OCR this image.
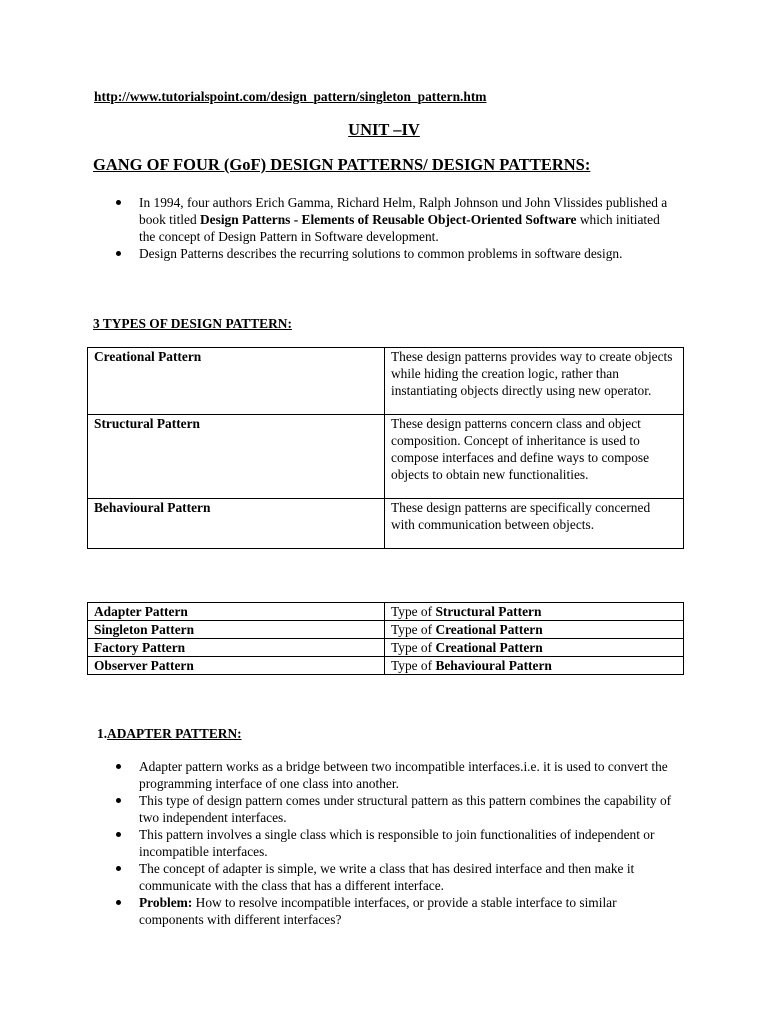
http://www.tutorialspoint.com/design_pattern/singleton_pattern.htm
UNIT –IV
GANG OF FOUR (GoF) DESIGN PATTERNS/ DESIGN PATTERNS:
In 1994, four authors Erich Gamma, Richard Helm, Ralph Johnson und John Vlissides published a book titled Design Patterns - Elements of Reusable Object-Oriented Software which initiated the concept of Design Pattern in Software development.
Design Patterns describes the recurring solutions to common problems in software design.
3 TYPES OF DESIGN PATTERN:
Creational Pattern	These design patterns provides way to create objects while hiding the creation logic, rather than instantiating objects directly using new operator.
Structural Pattern	These design patterns concern class and object composition. Concept of inheritance is used to compose interfaces and define ways to compose objects to obtain new functionalities.
Behavioural Pattern	These design patterns are specifically concerned with communication between objects.
Adapter Pattern	Type of Structural Pattern
Singleton Pattern	Type of Creational Pattern
Factory Pattern	Type of Creational Pattern
Observer Pattern	Type of Behavioural Pattern
1.ADAPTER PATTERN:
Adapter pattern works as a bridge between two incompatible interfaces.i.e. it is used to convert the programming interface of one class into another.
This type of design pattern comes under structural pattern as this pattern combines the capability of two independent interfaces.
This pattern involves a single class which is responsible to join functionalities of independent or incompatible interfaces.
The concept of adapter is simple, we write a class that has desired interface and then make it communicate with the class that has a different interface.
Problem: How to resolve incompatible interfaces, or provide a stable interface to similar components with different interfaces?
